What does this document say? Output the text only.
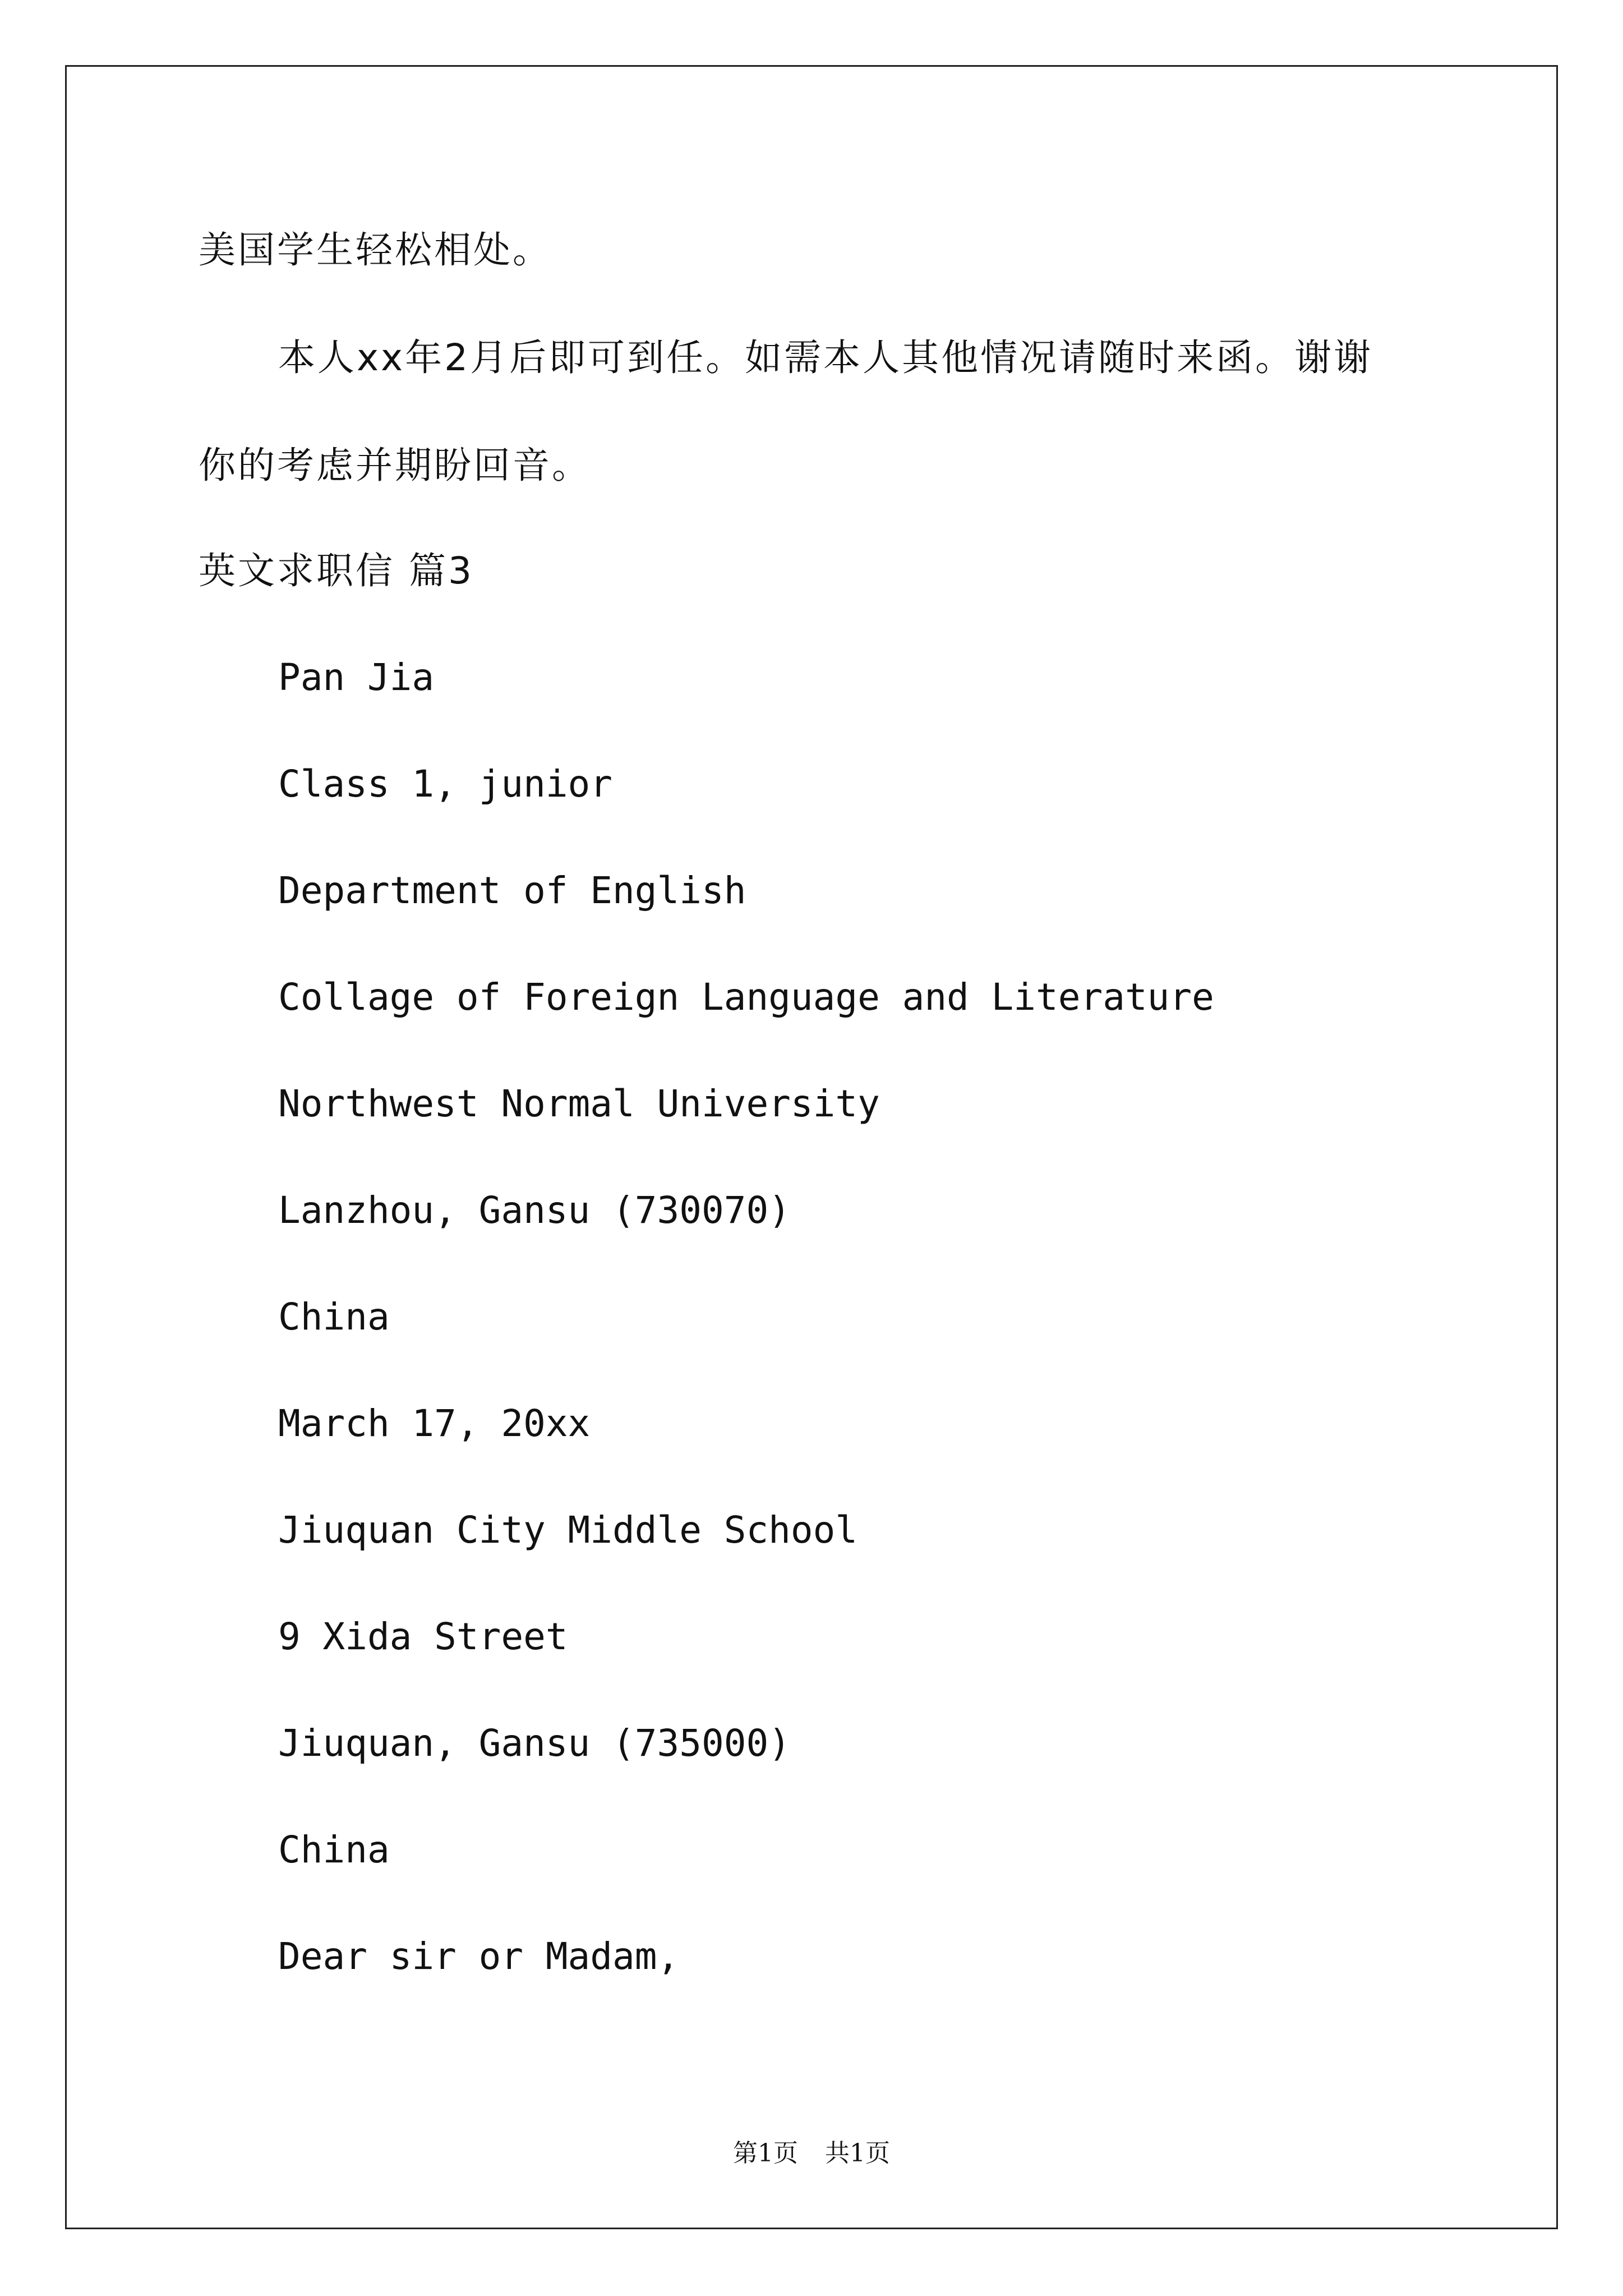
美国学生轻松相处。

本人xx年2月后即可到任。如需本人其他情况请随时来函。谢谢

你的考虑并期盼回音。

英文求职信 篇3

Pan Jia

Class 1, junior

Department of English

Collage of Foreign Language and Literature

Northwest Normal University

Lanzhou, Gansu (730070)

China

March 17, 20xx

Jiuquan City Middle School

9 Xida Street

Jiuquan, Gansu (735000)

China

Dear sir or Madam,

第1页 共1页
